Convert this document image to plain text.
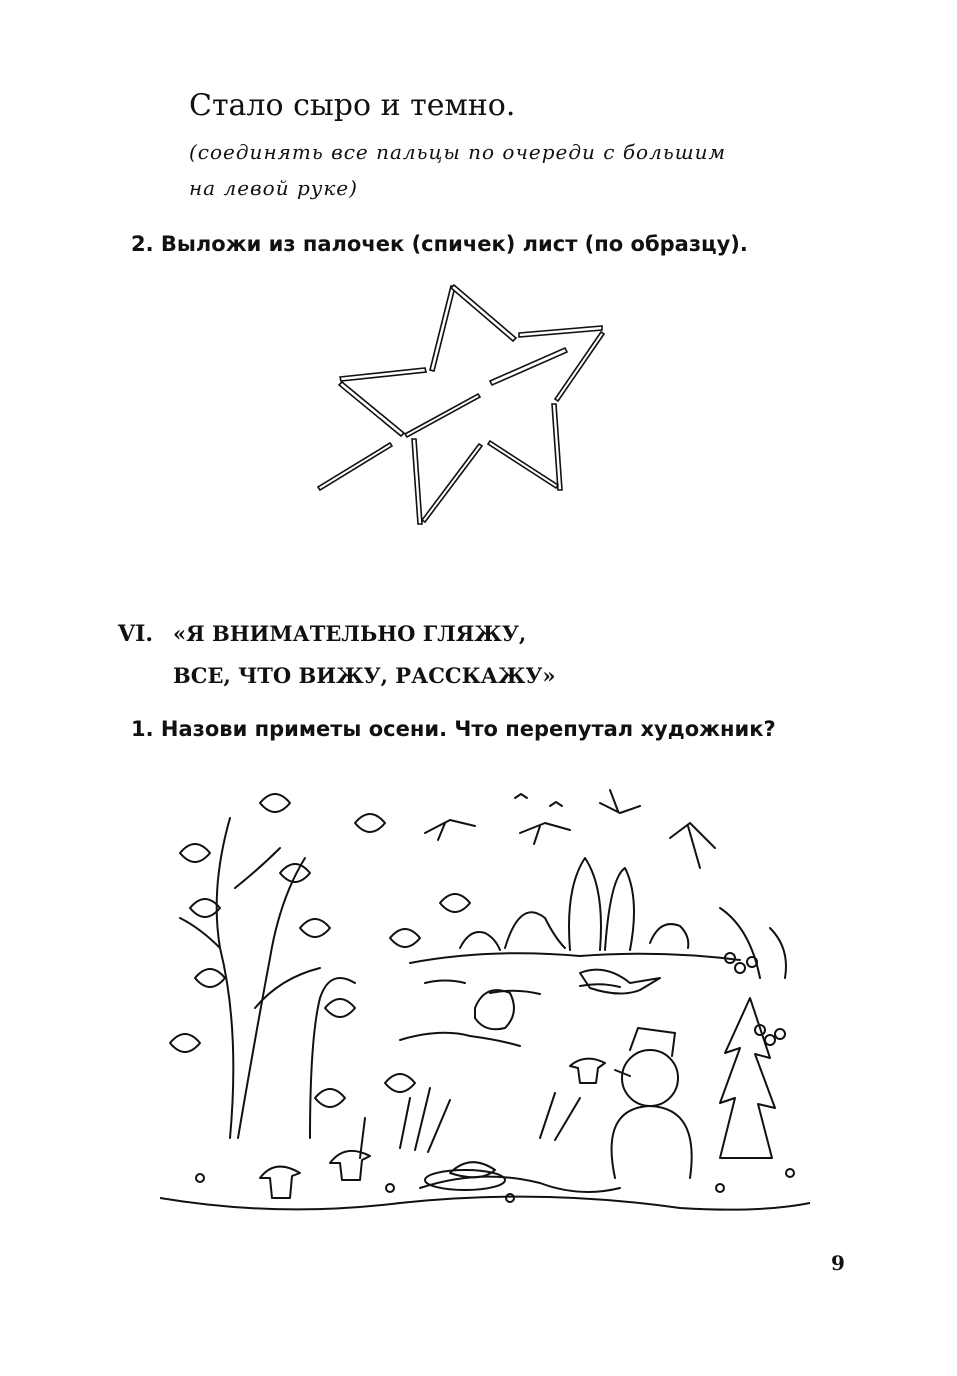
Стало сыро и темно.
(соединять все пальцы по очереди с большим
на левой руке)
2. Выложи из палочек (спичек) лист (по образцу).
VI. «Я ВНИМАТЕЛЬНО ГЛЯЖУ,
ВСЕ, ЧТО ВИЖУ, РАССКАЖУ»
1. Назови приметы осени. Что перепутал художник?
9
